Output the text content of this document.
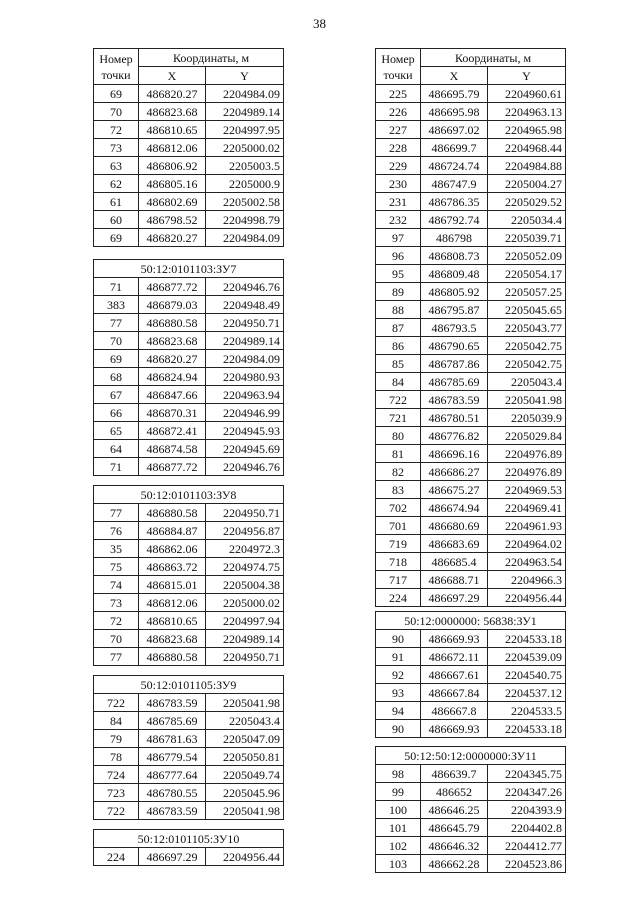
38
Номер
точки	Координаты, м	
	X	Y
69	486820.27	2204984.09
70	486823.68	2204989.14
72	486810.65	2204997.95
73	486812.06	2205000.02
63	486806.92	2205003.5
62	486805.16	2205000.9
61	486802.69	2205002.58
60	486798.52	2204998.79
69	486820.27	2204984.09
50:12:0101103:ЗУ7		
71	486877.72	2204946.76
383	486879.03	2204948.49
77	486880.58	2204950.71
70	486823.68	2204989.14
69	486820.27	2204984.09
68	486824.94	2204980.93
67	486847.66	2204963.94
66	486870.31	2204946.99
65	486872.41	2204945.93
64	486874.58	2204945.69
71	486877.72	2204946.76
50:12:0101103:ЗУ8		
77	486880.58	2204950.71
76	486884.87	2204956.87
35	486862.06	2204972.3
75	486863.72	2204974.75
74	486815.01	2205004.38
73	486812.06	2205000.02
72	486810.65	2204997.94
70	486823.68	2204989.14
77	486880.58	2204950.71
50:12:0101105:ЗУ9		
722	486783.59	2205041.98
84	486785.69	2205043.4
79	486781.63	2205047.09
78	486779.54	2205050.81
724	486777.64	2205049.74
723	486780.55	2205045.96
722	486783.59	2205041.98
50:12:0101105:ЗУ10
224	486697.29	2204956.44
Номер
точки	Координаты, м	
	X	Y
225	486695.79	2204960.61
226	486695.98	2204963.13
227	486697.02	2204965.98
228	486699.7	2204968.44
229	486724.74	2204984.88
230	486747.9	2205004.27
231	486786.35	2205029.52
232	486792.74	2205034.4
97	486798	2205039.71
96	486808.73	2205052.09
95	486809.48	2205054.17
89	486805.92	2205057.25
88	486795.87	2205045.65
87	486793.5	2205043.77
86	486790.65	2205042.75
85	486787.86	2205042.75
84	486785.69	2205043.4
722	486783.59	2205041.98
721	486780.51	2205039.9
80	486776.82	2205029.84
81	486696.16	2204976.89
82	486686.27	2204976.89
83	486675.27	2204969.53
702	486674.94	2204969.41
701	486680.69	2204961.93
719	486683.69	2204964.02
718	486685.4	2204963.54
717	486688.71	2204966.3
224	486697.29	2204956.44
50:12:0000000: 56838:ЗУ1		
90	486669.93	2204533.18
91	486672.11	2204539.09
92	486667.61	2204540.75
93	486667.84	2204537.12
94	486667.8	2204533.5
90	486669.93	2204533.18
50:12:50:12:0000000:ЗУ11		
98	486639.7	2204345.75
99	486652	2204347.26
100	486646.25	2204393.9
101	486645.79	2204402.8
102	486646.32	2204412.77
103	486662.28	2204523.86
